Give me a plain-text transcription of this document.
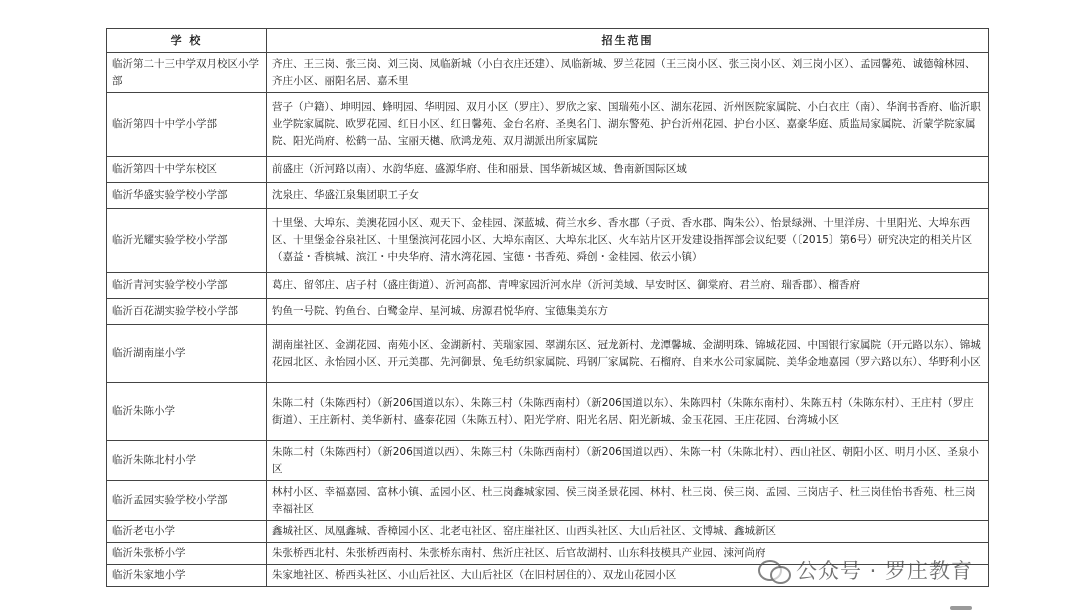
学 校	招生范围
临沂第二十三中学双月校区小学部	齐庄、王三岗、张三岗、刘三岗、凤临新城（小白衣庄还建）、凤临新城、罗兰花园（王三岗小区、张三岗小区、刘三岗小区）、孟园馨苑、诚德翰林园、齐庄小区、丽阳名居、嘉禾里
临沂第四十中学小学部	营子（户籍）、坤明园、蜂明园、华明园、双月小区（罗庄）、罗欣之家、国瑞苑小区、湖东花园、沂州医院家属院、小白衣庄（南）、华润书香府、临沂职业学院家属院、欧罗花园、红日小区、红日馨苑、金台名府、圣奥名门、湖东警苑、护台沂州花园、护台小区、嘉豪华庭、质监局家属院、沂蒙学院家属院、阳光尚府、松鹤一品、宝丽天樾、欣鸿龙苑、双月湖派出所家属院
临沂第四十中学东校区	前盛庄（沂河路以南）、水韵华庭、盛源华府、佳和丽景、国华新城区域、鲁南新国际区域
临沂华盛实验学校小学部	沈泉庄、华盛江泉集团职工子女
临沂光耀实验学校小学部	十里堡、大埠东、美澳花园小区、观天下、金桂园、深蓝城、荷兰水乡、香水郡（子贡、香水郡、陶朱公）、怡景绿洲、十里洋房、十里阳光、大埠东西区、十里堡金谷泉社区、十里堡滨河花园小区、大埠东南区、大埠东北区、火车站片区开发建设指挥部会议纪要（〔2015〕第6号）研究决定的相关片区（嘉益・香槟城、滨江・中央华府、清水湾花园、宝德・书香苑、舜创・金桂园、依云小镇）
临沂青河实验学校小学部	葛庄、留邻庄、店子村（盛庄街道）、沂河高都、青啤家园沂河水岸（沂河美域、早安时区、御棠府、君兰府、瑞香郡）、榴香府
临沂百花湖实验学校小学部	钓鱼一号院、钓鱼台、白鹭金岸、星河城、房源君悦华府、宝德集美东方
临沂湖南崖小学	湖南崖社区、金湖花园、南苑小区、金湖新村、芙瑞家园、翠湖东区、冠龙新村、龙潭馨城、金湖明珠、锦城花园、中国银行家属院（开元路以东）、锦城花园北区、永怡园小区、开元美郡、先河御景、兔毛纺织家属院、玛钢厂家属院、石榴府、自来水公司家属院、美华金地嘉园（罗六路以东）、华野利小区
临沂朱陈小学	朱陈二村（朱陈西村）（新206国道以东）、朱陈三村（朱陈西南村）（新206国道以东）、朱陈四村（朱陈东南村）、朱陈五村（朱陈东村）、王庄村（罗庄街道）、王庄新村、美华新村、盛泰花园（朱陈五村）、阳光学府、阳光名居、阳光新城、金玉花园、王庄花园、台湾城小区
临沂朱陈北村小学	朱陈二村（朱陈西村）（新206国道以西）、朱陈三村（朱陈西南村）（新206国道以西）、朱陈一村（朱陈北村）、西山社区、朝阳小区、明月小区、圣泉小区
临沂孟园实验学校小学部	林村小区、幸福嘉园、富林小镇、孟园小区、杜三岗鑫城家园、侯三岗圣景花园、林村、杜三岗、侯三岗、孟园、三岗店子、杜三岗佳怡书香苑、杜三岗幸福社区
临沂老屯小学	鑫城社区、凤凰鑫城、香樟园小区、北老屯社区、窑庄崖社区、山西头社区、大山后社区、文博城、鑫城新区
临沂朱张桥小学	朱张桥西北村、朱张桥西南村、朱张桥东南村、焦沂庄社区、后官故湖村、山东科技模具产业园、涑河尚府
临沂朱家地小学	朱家地社区、桥西头社区、小山后社区、大山后社区（在旧村居住的）、双龙山花园小区	公众号 · 罗庄教育
